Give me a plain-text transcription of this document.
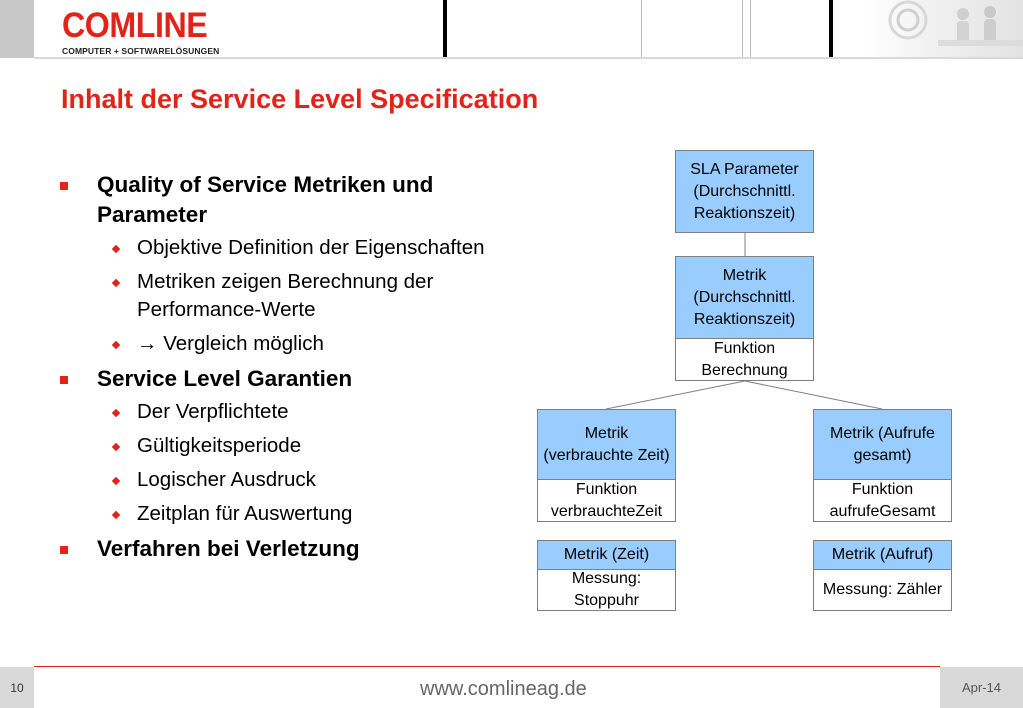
COMLINE
COMPUTER + SOFTWARELÖSUNGEN
Inhalt der Service Level Specification
Quality of Service Metriken und Parameter
Objektive Definition der Eigenschaften
Metriken zeigen Berechnung der Performance-Werte
→ Vergleich möglich
Service Level Garantien
Der Verpflichtete
Gültigkeitsperiode
Logischer Ausdruck
Zeitplan für Auswertung
Verfahren bei Verletzung
SLA Parameter (Durchschnittl. Reaktionszeit)
Metrik (Durchschnittl. Reaktionszeit)
Funktion Berechnung
Metrik (verbrauchte Zeit)
Funktion verbrauchteZeit
Metrik (Aufrufe gesamt)
Funktion aufrufeGesamt
Metrik (Zeit)
Messung: Stoppuhr
Metrik (Aufruf)
Messung: Zähler
10	www.comlineag.de	Apr-14
